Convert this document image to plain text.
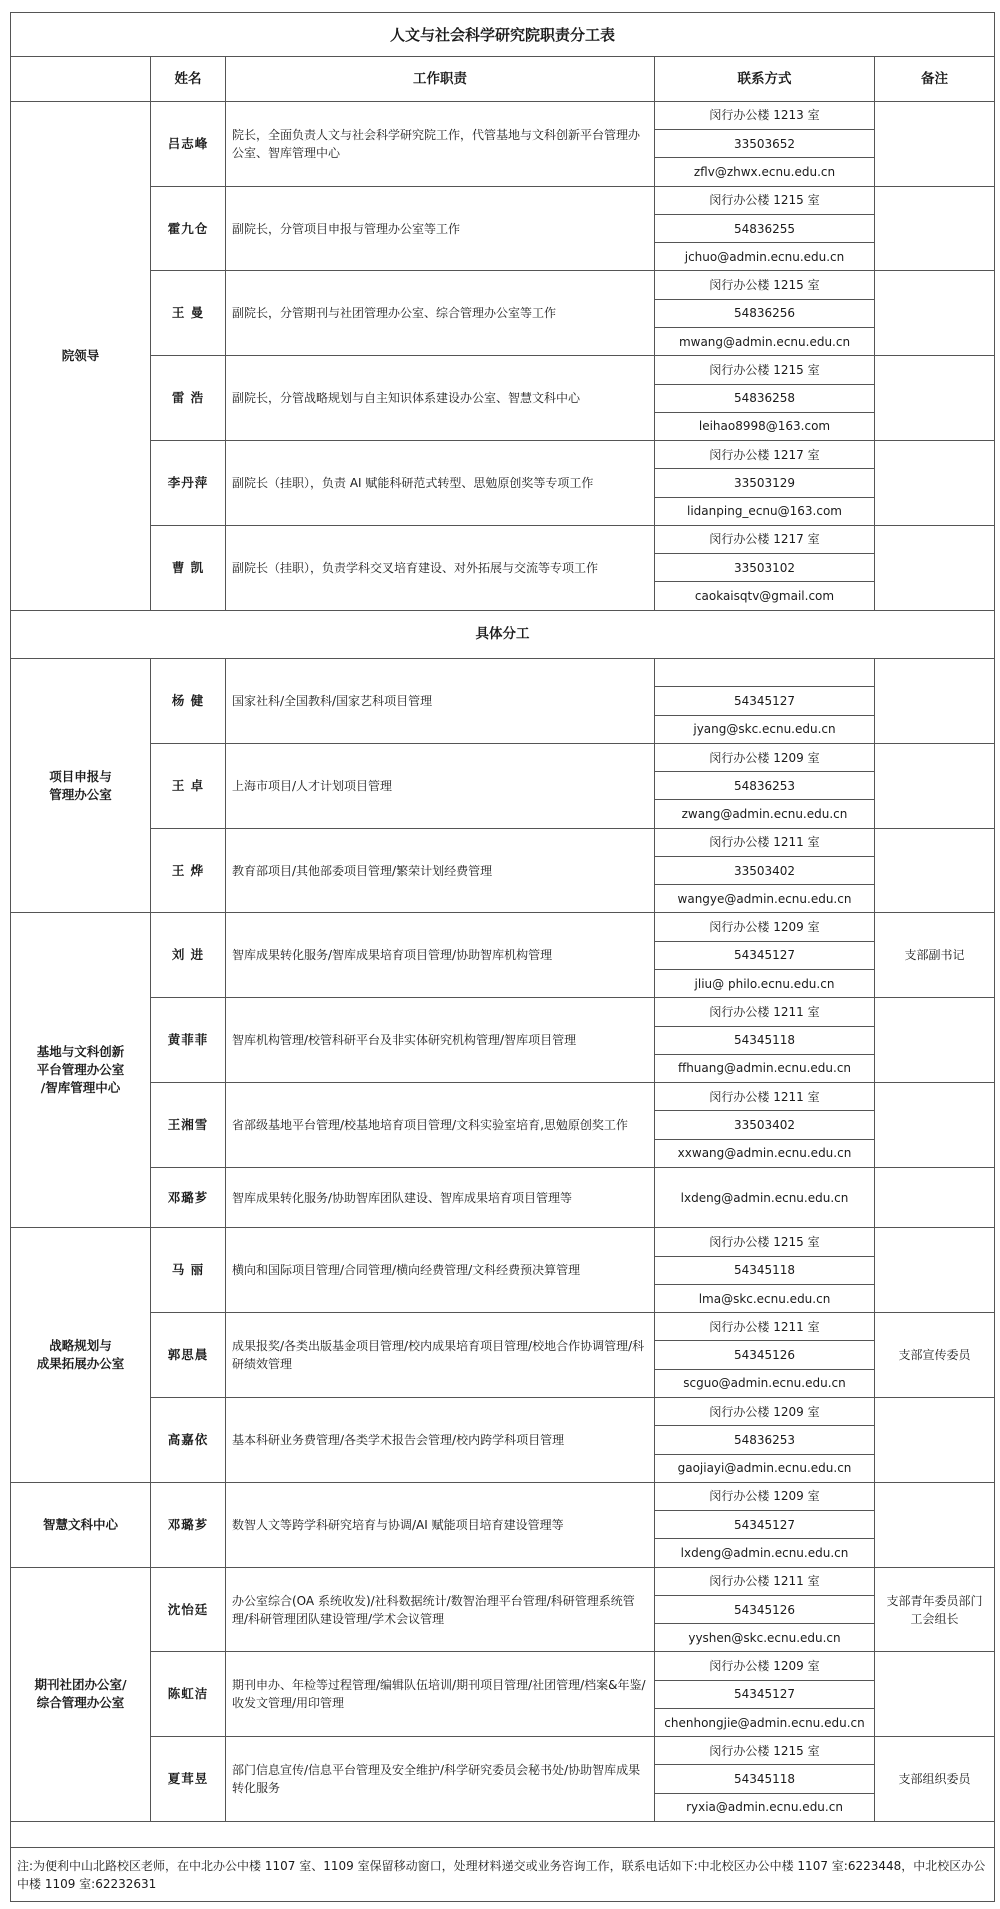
人文与社会科学研究院职责分工表				
	姓名	工作职责	联系方式	备注
院领导	吕志峰	院长，全面负责人文与社会科学研究院工作，代管基地与文科创新平台管理办公室、智库管理中心	闵行办公楼 1213 室	
			33503652	
			zflv@zhwx.ecnu.edu.cn	
	霍九仓	副院长，分管项目申报与管理办公室等工作	闵行办公楼 1215 室	
			54836255	
			jchuo@admin.ecnu.edu.cn	
	王 曼	副院长，分管期刊与社团管理办公室、综合管理办公室等工作	闵行办公楼 1215 室	
			54836256	
			mwang@admin.ecnu.edu.cn	
	雷 浩	副院长，分管战略规划与自主知识体系建设办公室、智慧文科中心	闵行办公楼 1215 室	
			54836258	
			leihao8998@163.com	
	李丹萍	副院长（挂职），负责 AI 赋能科研范式转型、思勉原创奖等专项工作	闵行办公楼 1217 室	
			33503129	
			lidanping_ecnu@163.com	
	曹 凯	副院长（挂职），负责学科交叉培育建设、对外拓展与交流等专项工作	闵行办公楼 1217 室	
			33503102	
			caokaisqtv@gmail.com	
具体分工				
项目申报与
管理办公室	杨 健	国家社科/全国教科/国家艺科项目管理		
			54345127	
			jyang@skc.ecnu.edu.cn	
	王 卓	上海市项目/人才计划项目管理	闵行办公楼 1209 室	
			54836253	
			zwang@admin.ecnu.edu.cn	
	王 烨	教育部项目/其他部委项目管理/繁荣计划经费管理	闵行办公楼 1211 室	
			33503402	
			wangye@admin.ecnu.edu.cn	
基地与文科创新
平台管理办公室
/智库管理中心	刘 进	智库成果转化服务/智库成果培育项目管理/协助智库机构管理	闵行办公楼 1209 室	支部副书记
			54345127	
			jliu@ philo.ecnu.edu.cn	
	黄菲菲	智库机构管理/校管科研平台及非实体研究机构管理/智库项目管理	闵行办公楼 1211 室	
			54345118	
			ffhuang@admin.ecnu.edu.cn	
	王湘雪	省部级基地平台管理/校基地培育项目管理/文科实验室培育,思勉原创奖工作	闵行办公楼 1211 室	
			33503402	
			xxwang@admin.ecnu.edu.cn	
	邓璐芗	智库成果转化服务/协助智库团队建设、智库成果培育项目管理等	lxdeng@admin.ecnu.edu.cn	
战略规划与
成果拓展办公室	马 丽	横向和国际项目管理/合同管理/横向经费管理/文科经费预决算管理	闵行办公楼 1215 室	
			54345118	
			lma@skc.ecnu.edu.cn	
	郭思晨	成果报奖/各类出版基金项目管理/校内成果培育项目管理/校地合作协调管理/科研绩效管理	闵行办公楼 1211 室	支部宣传委员
			54345126	
			scguo@admin.ecnu.edu.cn	
	高嘉依	基本科研业务费管理/各类学术报告会管理/校内跨学科项目管理	闵行办公楼 1209 室	
			54836253	
			gaojiayi@admin.ecnu.edu.cn	
智慧文科中心	邓璐芗	数智人文等跨学科研究培育与协调/AI 赋能项目培育建设管理等	闵行办公楼 1209 室	
			54345127	
			lxdeng@admin.ecnu.edu.cn	
期刊社团办公室/
综合管理办公室	沈怡廷	办公室综合(OA 系统收发)/社科数据统计/数智治理平台管理/科研管理系统管理/科研管理团队建设管理/学术会议管理	闵行办公楼 1211 室	支部青年委员部门
工会组长
			54345126	
			yyshen@skc.ecnu.edu.cn	
	陈虹洁	期刊申办、年检等过程管理/编辑队伍培训/期刊项目管理/社团管理/档案&年鉴/收发文管理/用印管理	闵行办公楼 1209 室	
			54345127	
			chenhongjie@admin.ecnu.edu.cn	
	夏茸昱	部门信息宣传/信息平台管理及安全维护/科学研究委员会秘书处/协助智库成果转化服务	闵行办公楼 1215 室	支部组织委员
			54345118	
			ryxia@admin.ecnu.edu.cn	

注:为便利中山北路校区老师，在中北办公中楼 1107 室、1109 室保留移动窗口，处理材料递交或业务咨询工作，联系电话如下:中北校区办公中楼 1107 室:6223448，中北校区办公中楼 1109 室:62232631				
